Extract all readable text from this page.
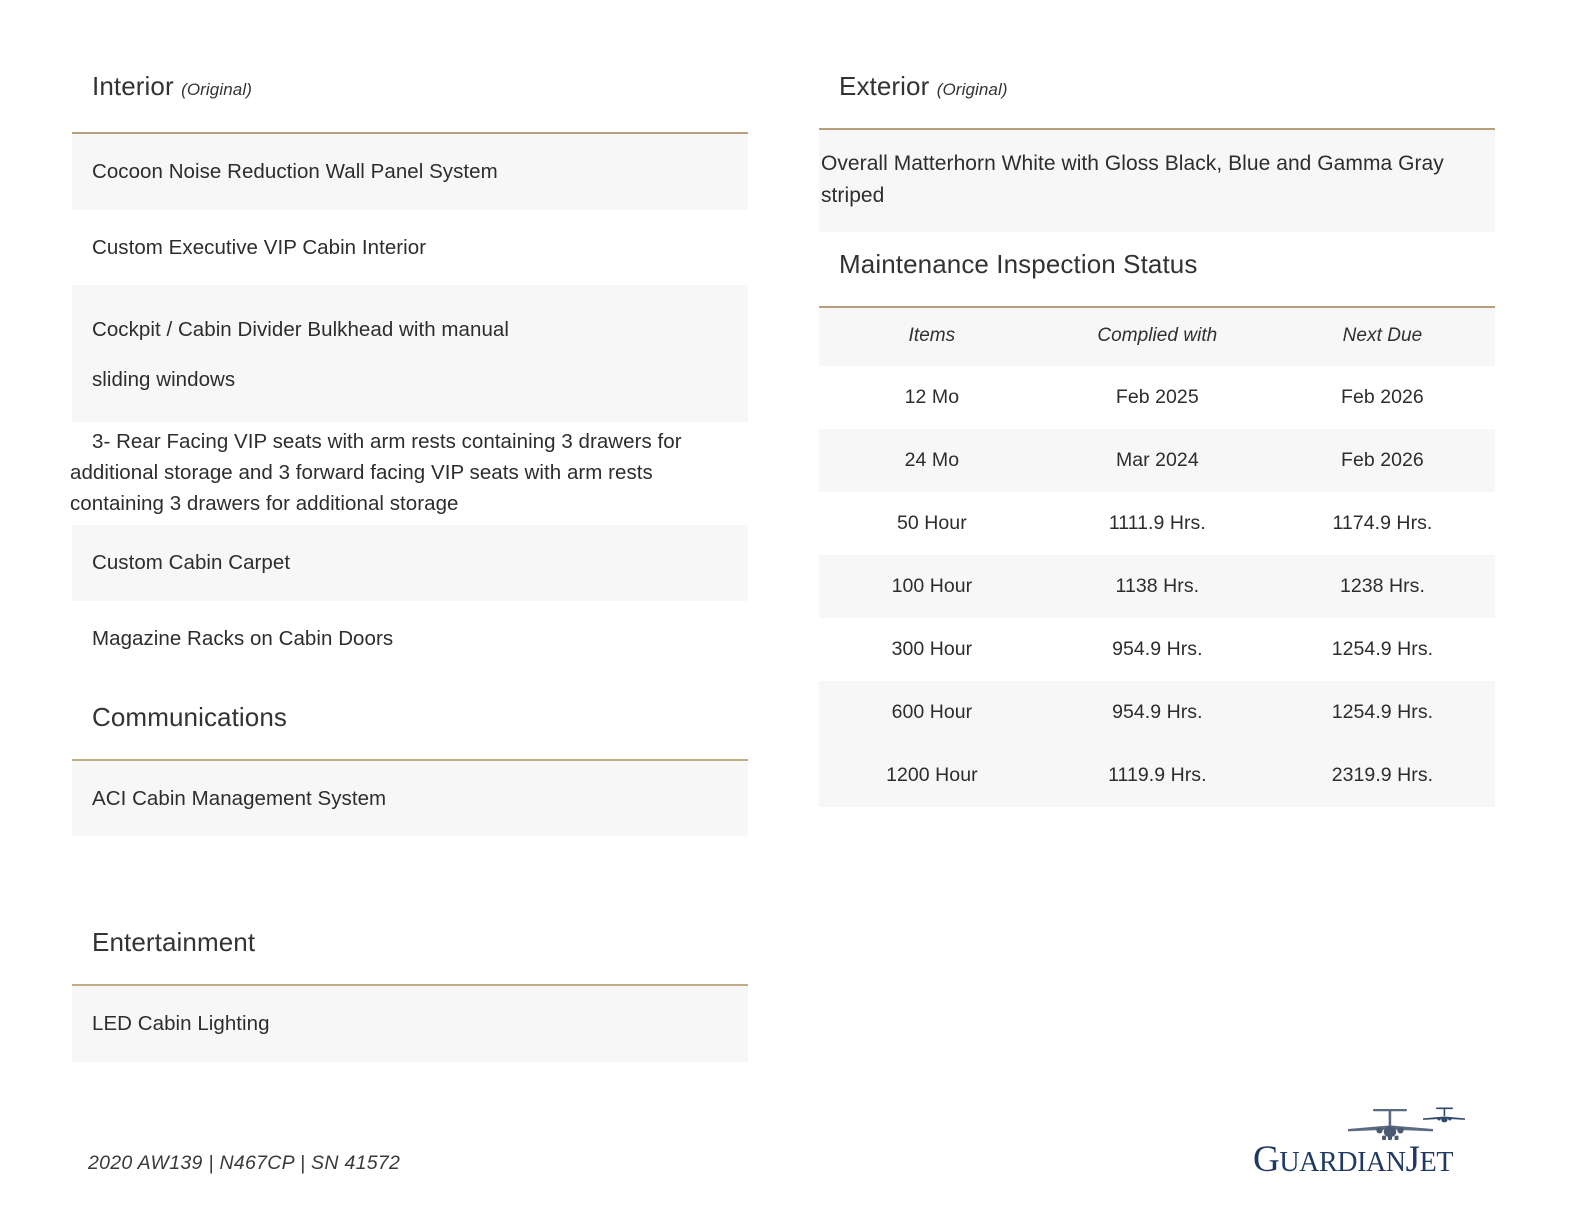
Interior (Original)
Cocoon Noise Reduction Wall Panel System
Custom Executive VIP Cabin Interior
Cockpit / Cabin Divider Bulkhead with manual
sliding windows
3- Rear Facing VIP seats with arm rests containing 3 drawers for additional storage and 3 forward facing VIP seats with arm rests containing 3 drawers for additional storage
Custom Cabin Carpet
Magazine Racks on Cabin Doors
Communications
ACI Cabin Management System
Entertainment
LED Cabin Lighting
Exterior (Original)
Overall Matterhorn White with Gloss Black, Blue and Gamma Gray striped
Maintenance Inspection Status
Items	Complied with	Next Due
12 Mo	Feb 2025	Feb 2026
24 Mo	Mar 2024	Feb 2026
50 Hour	1111.9 Hrs.	1174.9 Hrs.
100 Hour	1138 Hrs.	1238 Hrs.
300 Hour	954.9 Hrs.	1254.9 Hrs.
600 Hour	954.9 Hrs.	1254.9 Hrs.
1200 Hour	1119.9 Hrs.	2319.9 Hrs.
2020 AW139 | N467CP | SN 41572	GUARDIANJET
